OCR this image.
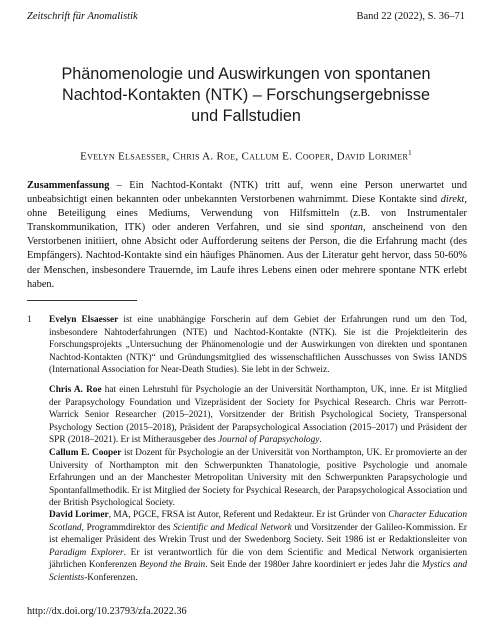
Zeitschrift für Anomalistik	Band 22 (2022), S. 36–71
Phänomenologie und Auswirkungen von spontanen
Nachtod-Kontakten (NTK) – Forschungsergebnisse
und Fallstudien
Evelyn Elsaesser, Chris A. Roe, Callum E. Cooper, David Lorimer$^1$
Zusammenfassung – Ein Nachtod-Kontakt (NTK) tritt auf, wenn eine Person unerwartet und unbeabsichtigt einen bekannten oder unbekannten Verstorbenen wahrnimmt. Diese Kontakte sind direkt, ohne Beteiligung eines Mediums, Verwendung von Hilfsmitteln (z.B. von Instrumentaler Transkommunikation, ITK) oder anderen Verfahren, und sie sind spontan, anscheinend von den Verstorbenen initiiert, ohne Absicht oder Aufforderung seitens der Person, die die Erfahrung macht (des Empfängers). Nachtod-Kontakte sind ein häufiges Phänomen. Aus der Literatur geht hervor, dass 50-60% der Menschen, insbesondere Trauernde, im Laufe ihres Lebens einen oder mehrere spontane NTK erlebt haben.
1 Evelyn Elsaesser ist eine unabhängige Forscherin auf dem Gebiet der Erfahrungen rund um den Tod, insbesondere Nahtoderfahrungen (NTE) und Nachtod-Kontakte (NTK). Sie ist die Projektleiterin des Forschungsprojekts „Untersuchung der Phänomenologie und der Auswirkungen von direkten und spontanen Nachtod-Kontakten (NTK)“ und Gründungsmitglied des wissenschaftlichen Ausschusses von Swiss IANDS (International Association for Near-Death Studies). Sie lebt in der Schweiz.
Chris A. Roe hat einen Lehrstuhl für Psychologie an der Universität Northampton, UK, inne. Er ist Mitglied der Parapsychology Foundation und Vizepräsident der Society for Psychical Research. Chris war Perrott-Warrick Senior Researcher (2015–2021), Vorsitzender der British Psychological Society, Transpersonal Psychology Section (2015–2018), Präsident der Parapsychological Association (2015–2017) und Präsident der SPR (2018–2021). Er ist Mitherausgeber des Journal of Parapsychology.
Callum E. Cooper ist Dozent für Psychologie an der Universität von Northampton, UK. Er promovierte an der University of Northampton mit den Schwerpunkten Thanatologie, positive Psychologie und anomale Erfahrungen und an der Manchester Metropolitan University mit den Schwerpunkten Parapsychologie und Spontanfallmethodik. Er ist Mitglied der Society for Psychical Research, der Parapsychological Association und der British Psychological Society.
David Lorimer, MA, PGCE, FRSA ist Autor, Referent und Redakteur. Er ist Gründer von Character Education Scotland, Programmdirektor des Scientific and Medical Network und Vorsitzender der Galileo-Kommission. Er ist ehemaliger Präsident des Wrekin Trust und der Swedenborg Society. Seit 1986 ist er Redaktionsleiter von Paradigm Explorer. Er ist verantwortlich für die von dem Scientific and Medical Network organisierten jährlichen Konferenzen Beyond the Brain. Seit Ende der 1980er Jahre koordiniert er jedes Jahr die Mystics and Scientists-Konferenzen.
http://dx.doi.org/10.23793/zfa.2022.36
